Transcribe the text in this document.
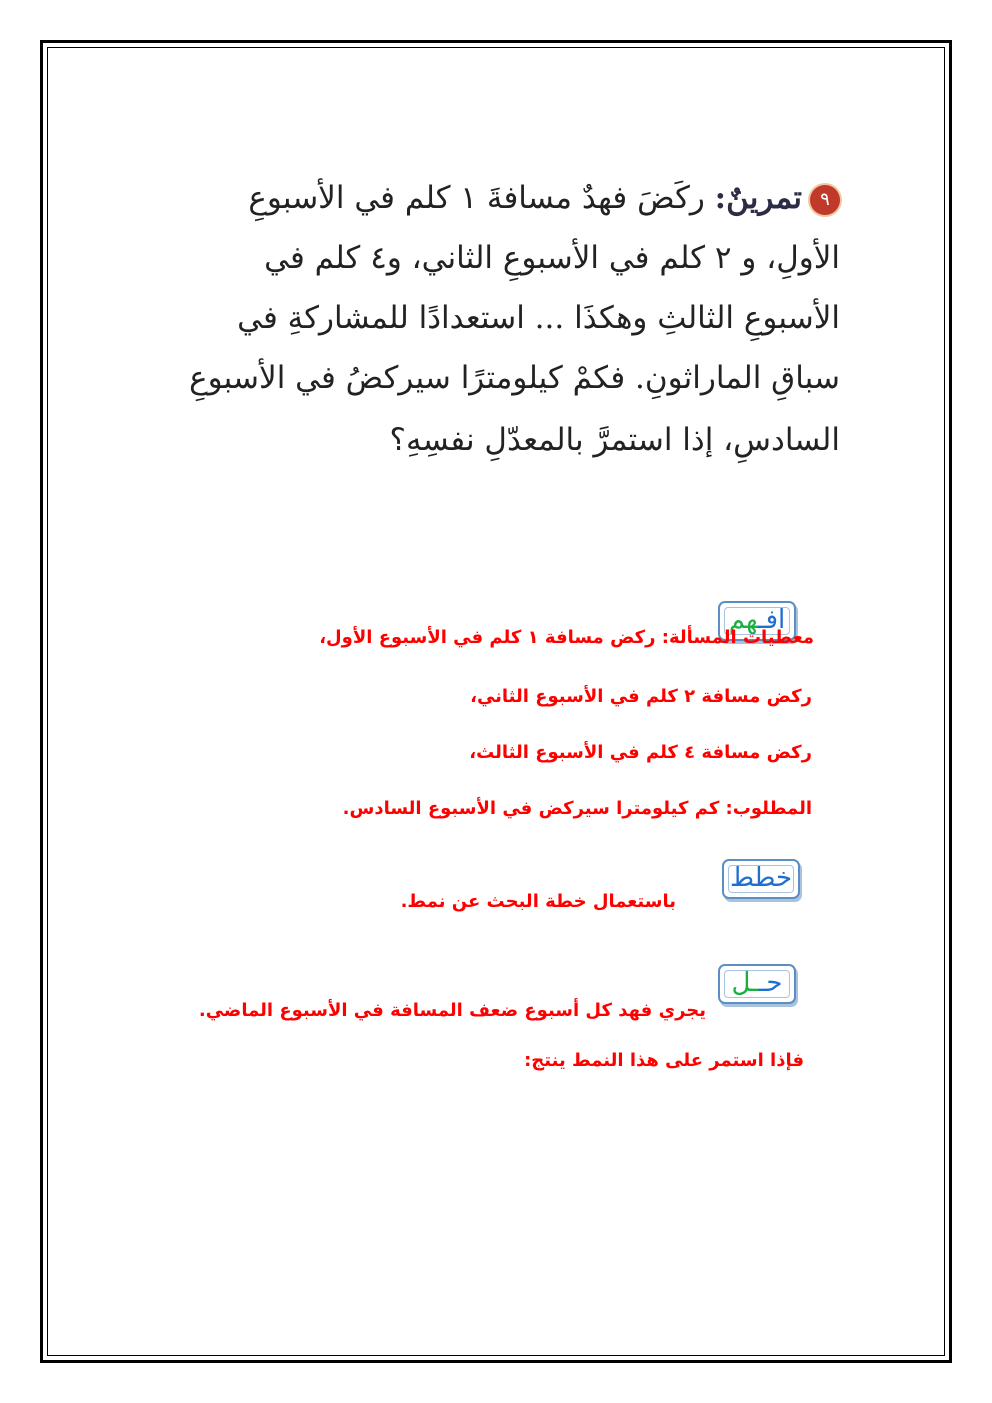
٩تمرينٌ: ركَضَ فهدٌ مسافةَ ١ كلم في الأسبوعِ
الأولِ، و ٢ كلم في الأسبوعِ الثاني، و٤ كلم في
الأسبوعِ الثالثِ وهكذَا ... استعدادًا للمشاركةِ في
سباقِ الماراثونِ. فكمْ كيلومترًا سيركضُ في الأسبوعِ
السادسِ، إذا استمرَّ بالمعدّلِ نفسِهِ؟
افـهم
معطيات المسألة: ركض مسافة ١ كلم في الأسبوع الأول،
ركض مسافة ٢ كلم في الأسبوع الثاني،
ركض مسافة ٤ كلم في الأسبوع الثالث،
المطلوب: كم كيلومترا سيركض في الأسبوع السادس.
خطط
باستعمال خطة البحث عن نمط.
حــل
يجري فهد كل أسبوع ضعف المسافة في الأسبوع الماضي.
فإذا استمر على هذا النمط ينتج:
